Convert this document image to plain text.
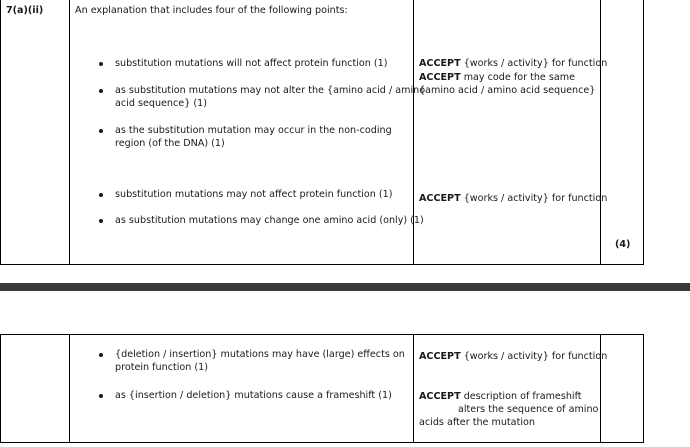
7(a)(ii)	An explanation that includes four of the following points:
substitution mutations will not affect protein function (1)
as substitution mutations may not alter the {amino acid / amino
acid sequence} (1)
as the substitution mutation may occur in the non-coding
region (of the DNA) (1)
substitution mutations may not affect protein function (1)
as substitution mutations may change one amino acid (only) (1)
ACCEPT {works / activity} for function
ACCEPT may code for the same
{amino acid / amino acid sequence}
ACCEPT {works / activity} for function
(4)
{deletion / insertion} mutations may have (large) effects on
protein function (1)
as {insertion / deletion} mutations cause a frameshift (1)
ACCEPT {works / activity} for function
ACCEPT description of frameshift
alters the sequence of amino
acids after the mutation
